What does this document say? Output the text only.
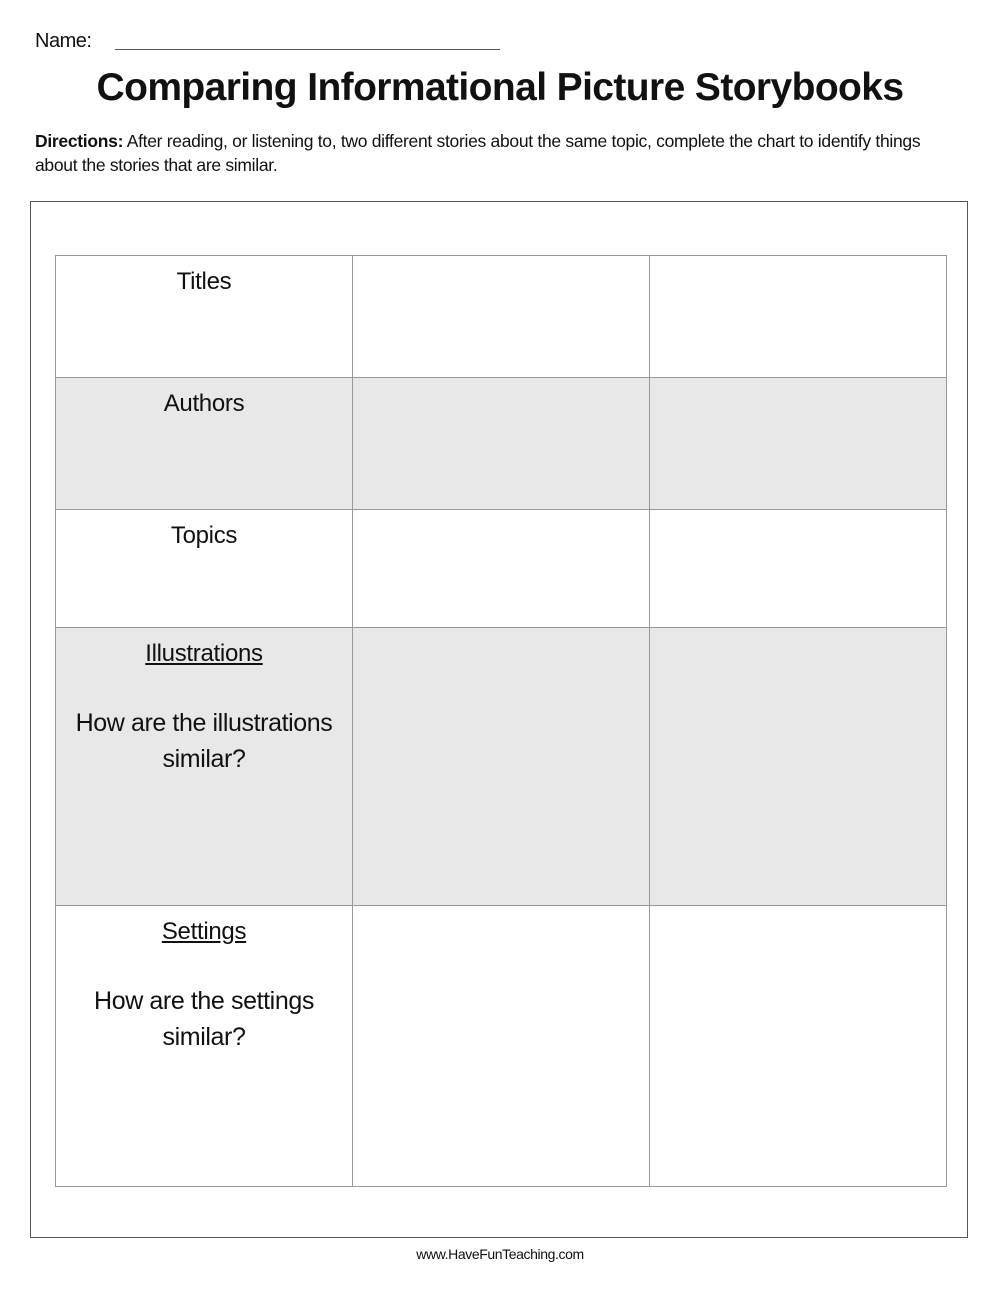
Name:
Comparing Informational Picture Storybooks
Directions: After reading, or listening to, two different stories about the same topic, complete the chart to identify things about the stories that are similar.
Titles		

Authors		

Topics		

Illustrations
How are the illustrations similar?		

Settings
How are the settings similar?		

www.HaveFunTeaching.com
